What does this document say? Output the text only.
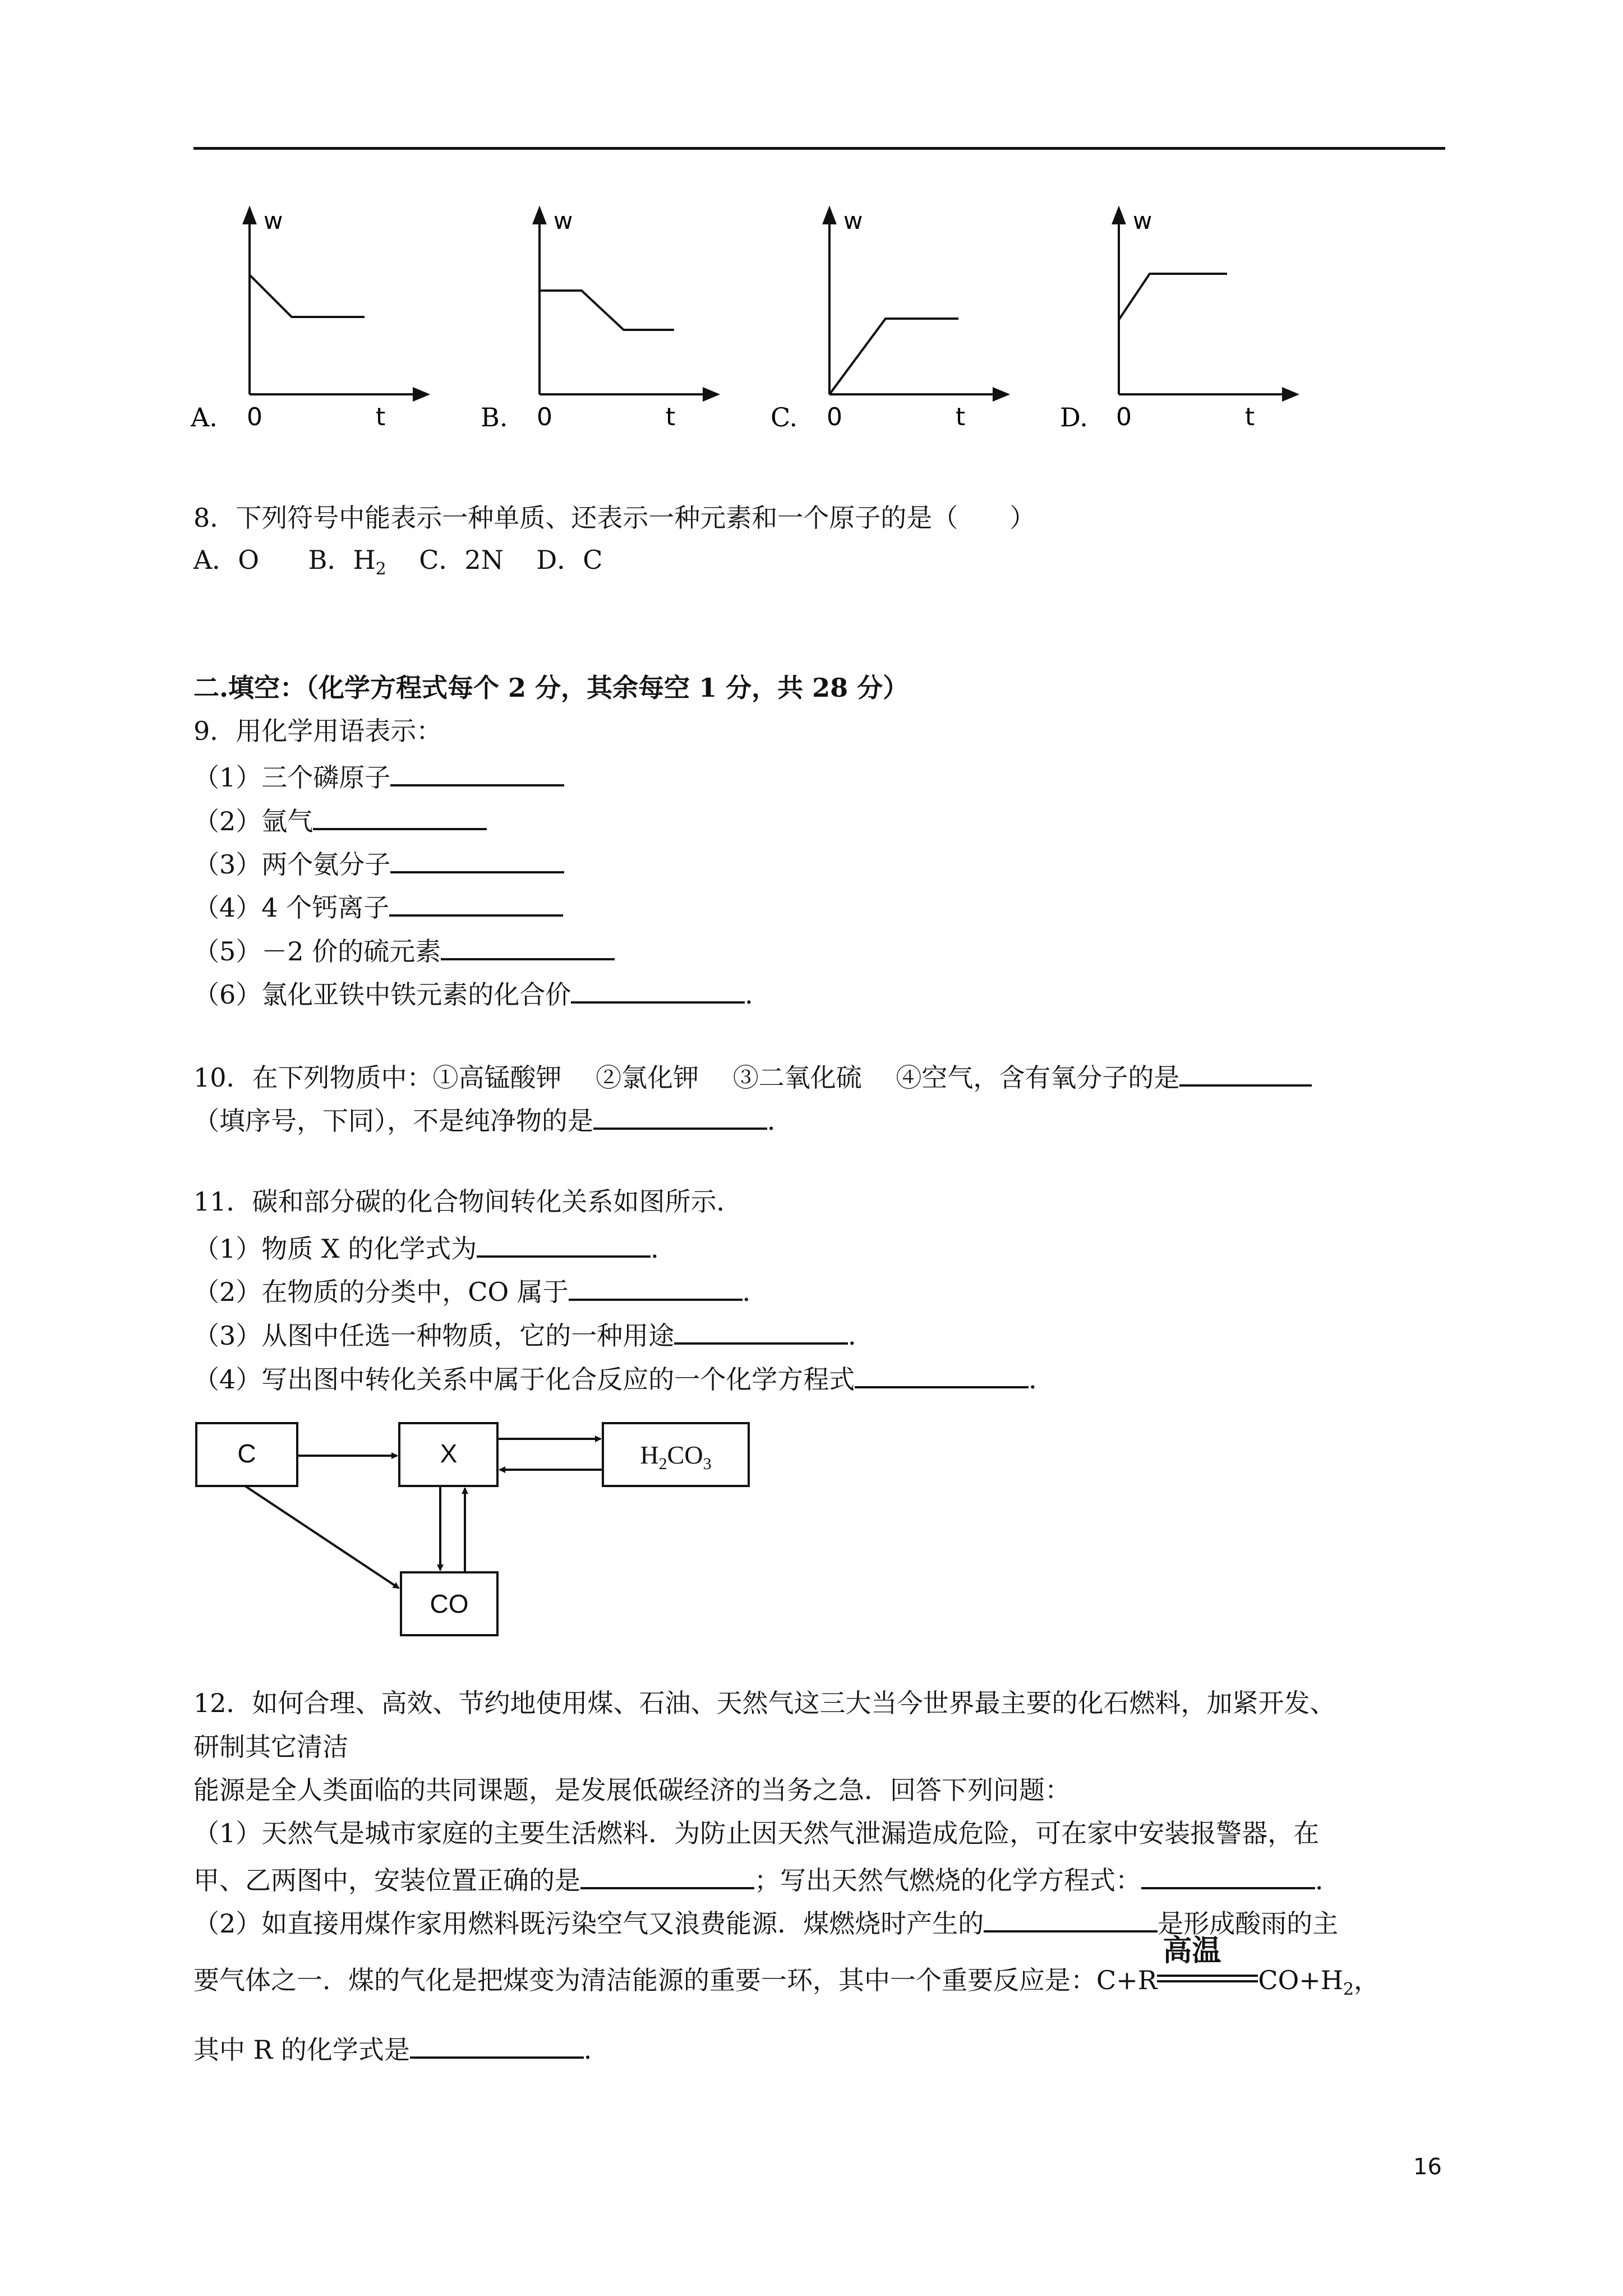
w
A. 0	t
w
B. 0	t
w
C. 0	t
w
D. 0	t
8．下列符号中能表示一种单质、还表示一种元素和一个原子的是（　　）
A．O B．$H_2$ C．2N D．C
二.填空：（化学方程式每个 2 分，其余每空 1 分，共 28 分）
9．用化学用语表示：
（1）三个磷原子
（2）氩气
（3）两个氨分子
（4）4 个钙离子
（5）－2 价的硫元素
（6）氯化亚铁中铁元素的化合价	．
10．在下列物质中：①高锰酸钾　 ②氯化钾　 ③二氧化硫　 ④空气，含有氧分子的是
（填序号，下同），不是纯净物的是	．
11．碳和部分碳的化合物间转化关系如图所示．
（1）物质 X 的化学式为	．
（2）在物质的分类中，CO 属于	．
（3）从图中任选一种物质，它的一种用途	．
（4）写出图中转化关系中属于化合反应的一个化学方程式	．
C	X
CO
$H_2CO_3$
12．如何合理、高效、节约地使用煤、石油、天然气这三大当今世界最主要的化石燃料，加紧开发、
研制其它清洁
能源是全人类面临的共同课题，是发展低碳经济的当务之急．回答下列问题：
（1）天然气是城市家庭的主要生活燃料．为防止因天然气泄漏造成危险，可在家中安装报警器，在
甲、乙两图中，安装位置正确的是	；写出天然气燃烧的化学方程式：	．
（2）如直接用煤作家用燃料既污染空气又浪费能源．煤燃烧时产生的	是形成酸雨的主
要气体之一．煤的气化是把煤变为清洁能源的重要一环，其中一个重要反应是：C+R
高温
$CO+H_2$，
其中 R 的化学式是	．
16
